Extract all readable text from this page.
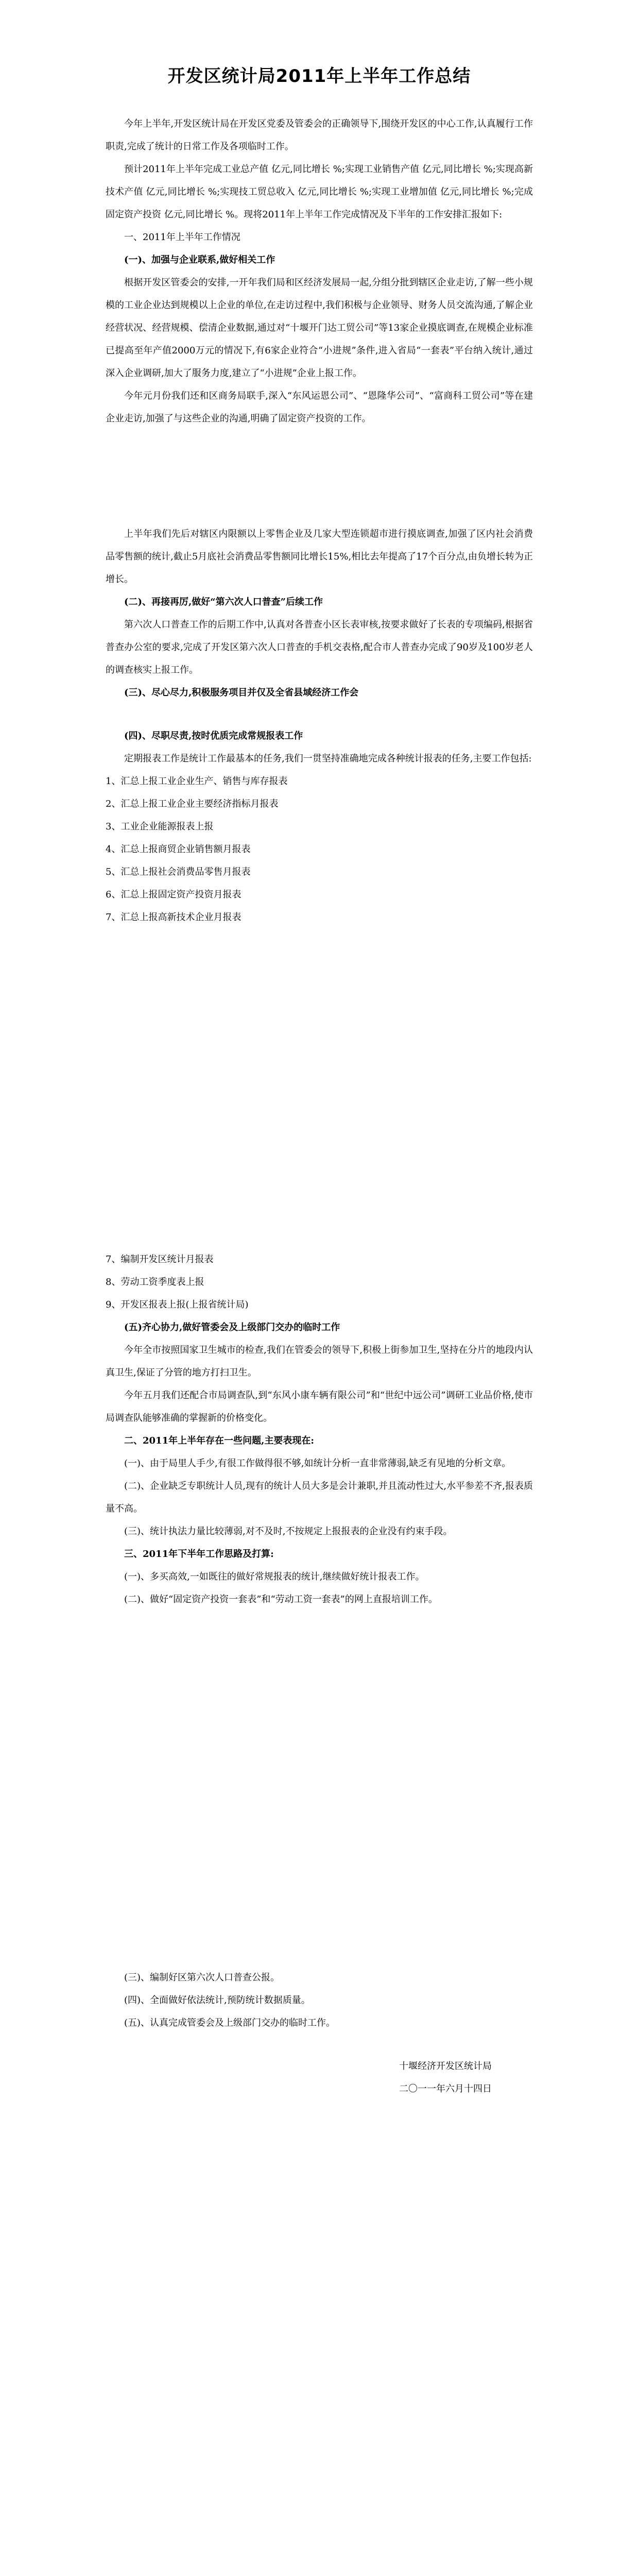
开发区统计局2011年上半年工作总结

今年上半年,开发区统计局在开发区党委及管委会的正确领导下,围绕开发区的中心工作,认真履行工作职责,完成了统计的日常工作及各项临时工作。

预计2011年上半年完成工业总产值 亿元,同比增长 %;实现工业销售产值 亿元,同比增长 %;实现高新技术产值 亿元,同比增长 %;实现技工贸总收入 亿元,同比增长 %;实现工业增加值 亿元,同比增长 %;完成固定资产投资 亿元,同比增长 %。现将2011年上半年工作完成情况及下半年的工作安排汇报如下:

一、2011年上半年工作情况

(一)、加强与企业联系,做好相关工作

根据开发区管委会的安排,一开年我们局和区经济发展局一起,分组分批到辖区企业走访,了解一些小规模的工业企业达到规模以上企业的单位,在走访过程中,我们积极与企业领导、财务人员交流沟通,了解企业经营状况、经营规模、偿清企业数据,通过对“十堰开门达工贸公司”等13家企业摸底调查,在规模企业标准已提高至年产值2000万元的情况下,有6家企业符合“小进规”条件,进入省局“一套表”平台纳入统计,通过深入企业调研,加大了服务力度,建立了“小进规”企业上报工作。

今年元月份我们还和区商务局联手,深入“东风运恩公司”、“恩隆华公司”、“富商科工贸公司”等在建企业走访,加强了与这些企业的沟通,明确了固定资产投资的工作。

上半年我们先后对辖区内限额以上零售企业及几家大型连锁超市进行摸底调查,加强了区内社会消费品零售额的统计,截止5月底社会消费品零售额同比增长15%,相比去年提高了17个百分点,由负增长转为正增长。

(二)、再接再厉,做好“第六次人口普查”后续工作

第六次人口普查工作的后期工作中,认真对各普查小区长表审核,按要求做好了长表的专项编码,根据省普查办公室的要求,完成了开发区第六次人口普查的手机交表格,配合市人普查办完成了90岁及100岁老人的调查核实上报工作。

(三)、尽心尽力,积极服务项目并仅及全省县域经济工作会

(四)、尽职尽责,按时优质完成常规报表工作

定期报表工作是统计工作最基本的任务,我们一贯坚持准确地完成各种统计报表的任务,主要工作包括:

1、汇总上报工业企业生产、销售与库存报表
2、汇总上报工业企业主要经济指标月报表
3、工业企业能源报表上报
4、汇总上报商贸企业销售额月报表
5、汇总上报社会消费品零售月报表
6、汇总上报固定资产投资月报表
7、汇总上报高新技术企业月报表
7、编制开发区统计月报表
8、劳动工资季度表上报
9、开发区报表上报(上报省统计局)

(五)齐心协力,做好管委会及上级部门交办的临时工作

今年全市按照国家卫生城市的检查,我们在管委会的领导下,积极上街参加卫生,坚持在分片的地段内认真卫生,保证了分管的地方打扫卫生。

今年五月我们还配合市局调查队,到“东风小康车辆有限公司”和“世纪中远公司”调研工业品价格,使市局调查队能够准确的掌握新的价格变化。

二、2011年上半年存在一些问题,主要表现在:

(一)、由于局里人手少,有很工作做得很不够,如统计分析一直非常薄弱,缺乏有见地的分析文章。

(二)、企业缺乏专职统计人员,现有的统计人员大多是会计兼职,并且流动性过大,水平参差不齐,报表质量不高。

(三)、统计执法力量比较薄弱,对不及时,不按规定上报报表的企业没有约束手段。

三、2011年下半年工作思路及打算:

(一)、多买高效,一如既往的做好常规报表的统计,继续做好统计报表工作。

(二)、做好“固定资产投资一套表”和“劳动工资一套表”的网上直报培训工作。

(三)、编制好区第六次人口普查公报。

(四)、全面做好依法统计,预防统计数据质量。

(五)、认真完成管委会及上级部门交办的临时工作。

十堰经济开发区统计局
二〇一一年六月十四日
